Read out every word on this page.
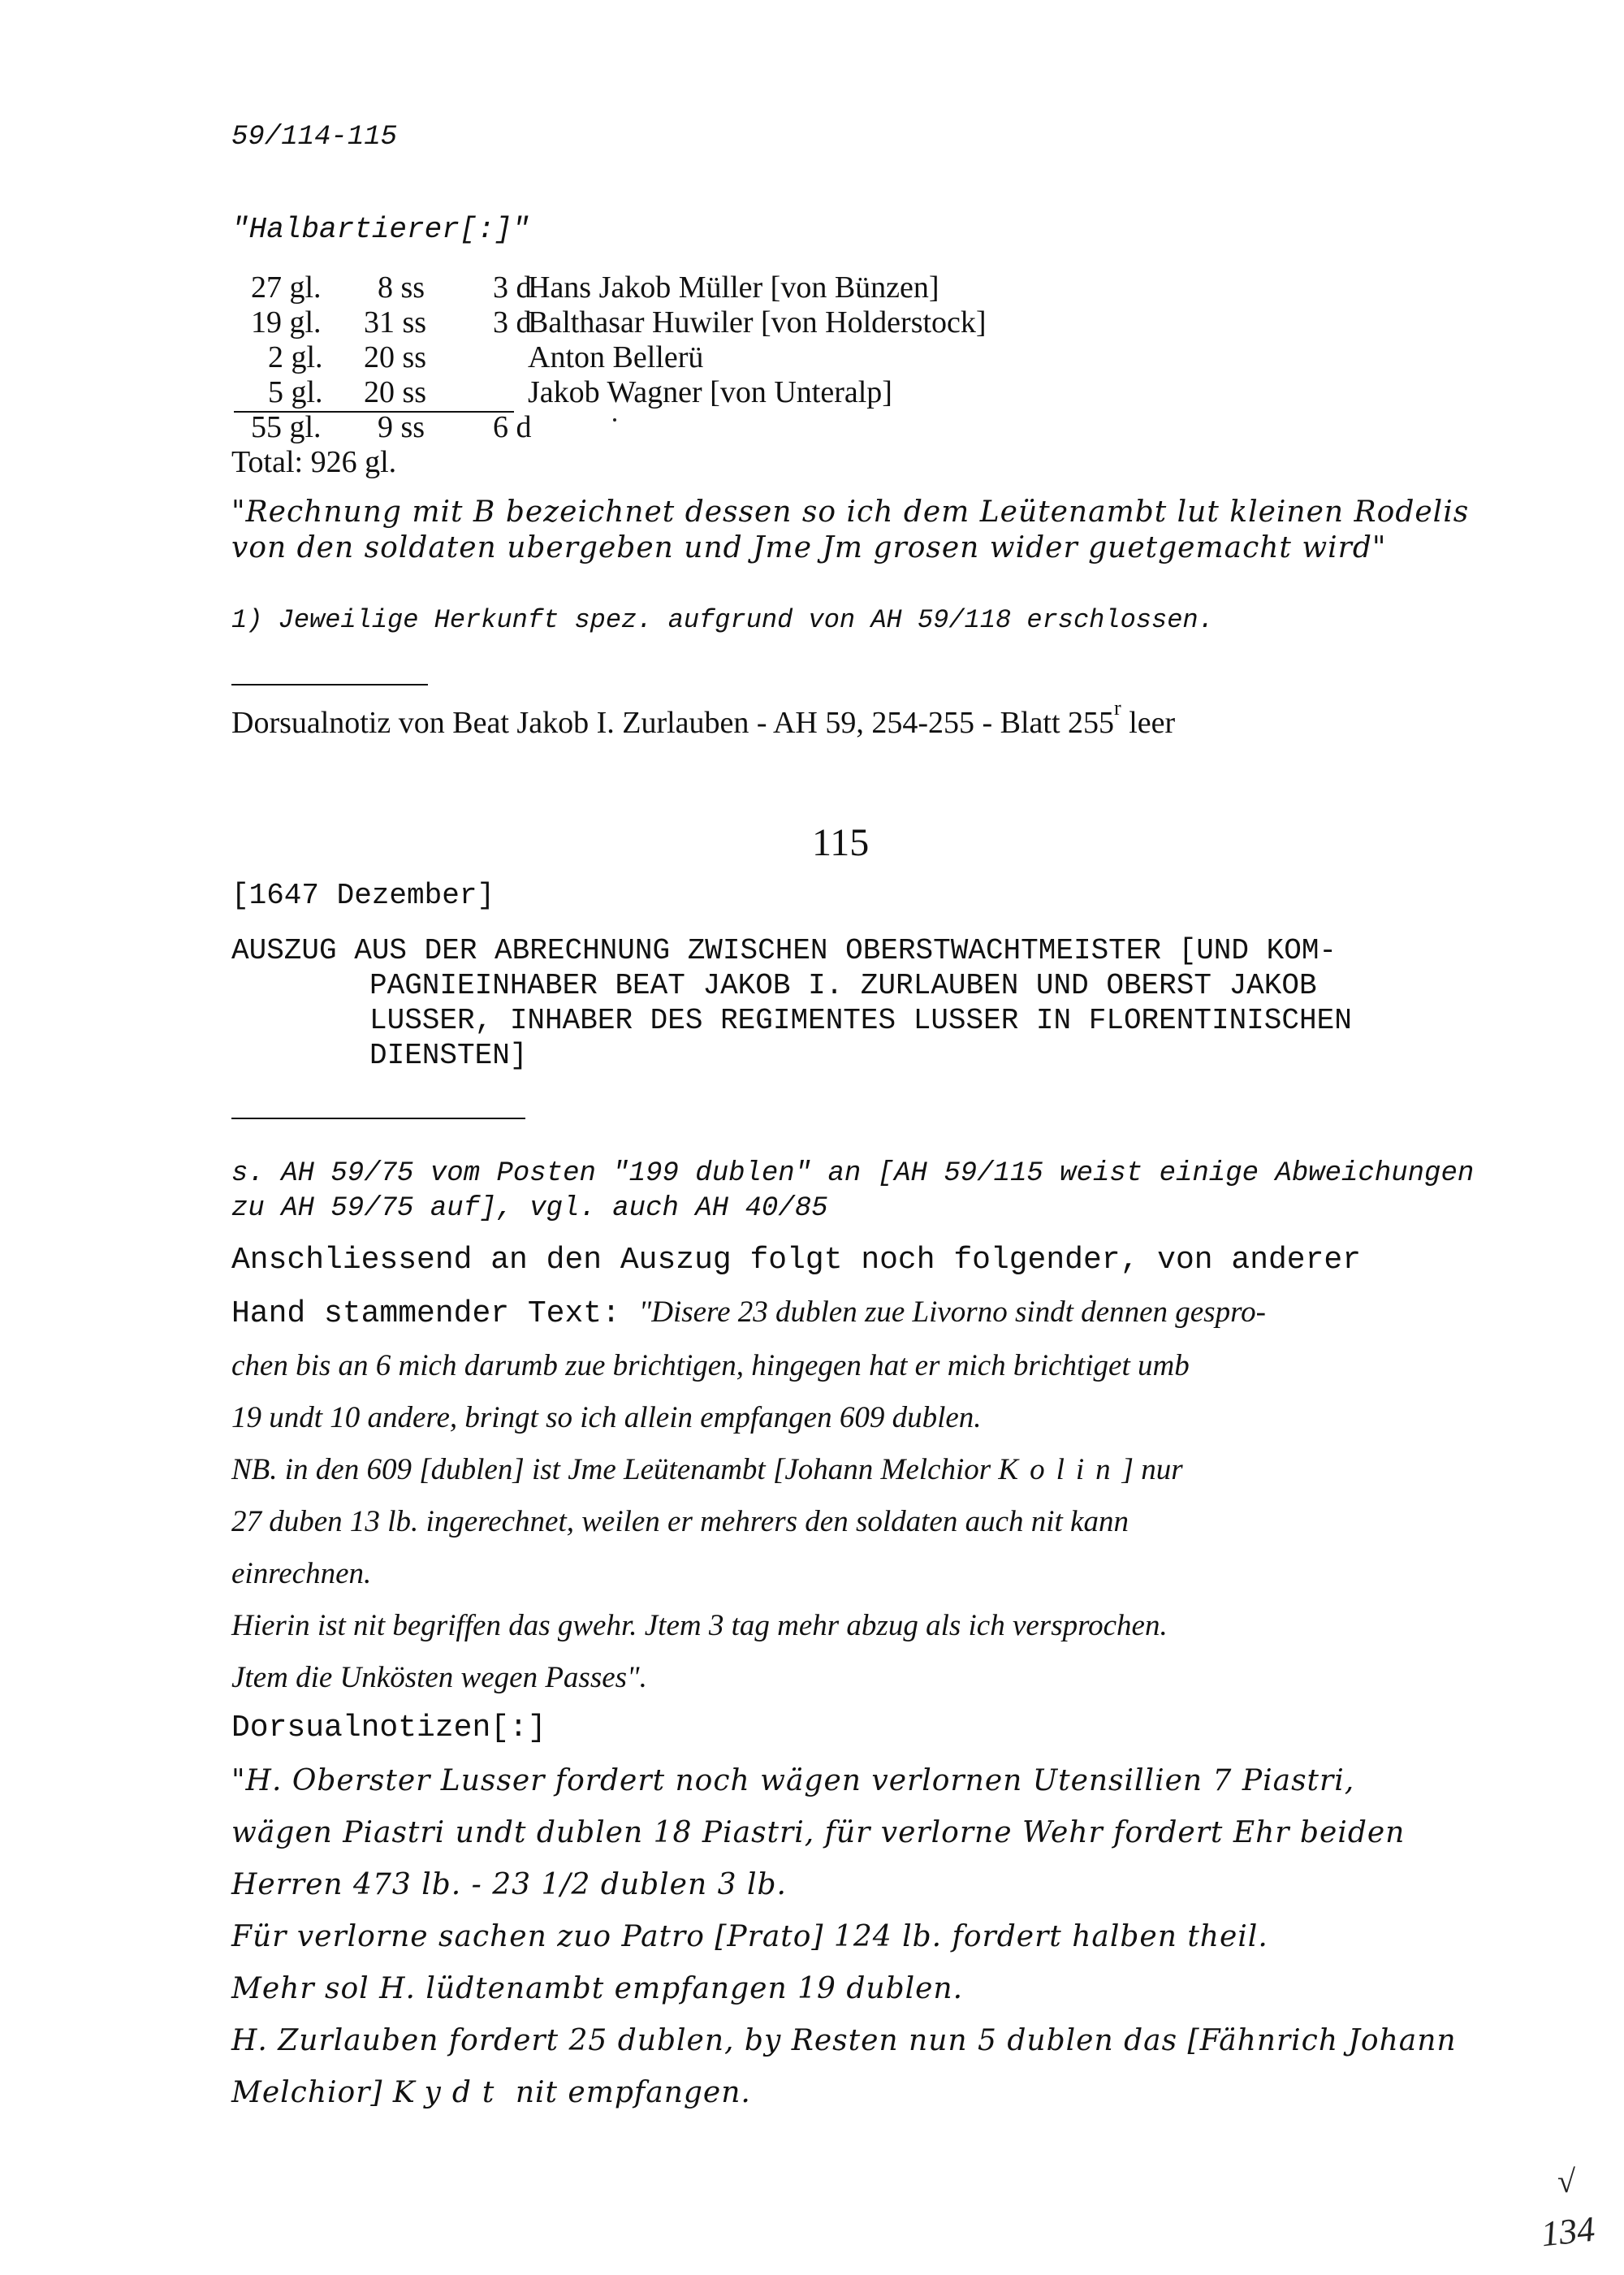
59/114-115
"Halbartierer[:]"
27 gl. 8 ss 3 d
Hans Jakob Müller [von Bünzen]
19 gl. 31 ss 3 d
Balthasar Huwiler [von Holderstock]
2 gl. 20 ss	Anton Bellerü
5 gl. 20 ss	Jakob Wagner [von Unteralp]
55 gl. 9 ss 6 d
Total: 926 gl.
"Rechnung mit B bezeichnet dessen so ich dem Leütenambt lut kleinen Rodelis
von den soldaten ubergeben und Jme Jm grosen wider guetgemacht wird"
1) Jeweilige Herkunft spez. aufgrund von AH 59/118 erschlossen.
Dorsualnotiz von Beat Jakob I. Zurlauben - AH 59, 254-255 - Blatt 255$^r$ leer
115
[1647 Dezember]
AUSZUG AUS DER ABRECHNUNG ZWISCHEN OBERSTWACHTMEISTER [UND KOM-
PAGNIEINHABER BEAT JAKOB I. ZURLAUBEN UND OBERST JAKOB
LUSSER, INHABER DES REGIMENTES LUSSER IN FLORENTINISCHEN
DIENSTEN]
s. AH 59/75 vom Posten "199 dublen" an [AH 59/115 weist einige Abweichungen
zu AH 59/75 auf], vgl. auch AH 40/85
Anschliessend an den Auszug folgt noch folgender, von anderer
Hand stammender Text: "Disere 23 dublen zue Livorno sindt dennen gespro-
chen bis an 6 mich darumb zue brichtigen, hingegen hat er mich brichtiget umb
19 undt 10 andere, bringt so ich allein empfangen 609 dublen.
NB. in den 609 [dublen] ist Jme Leütenambt [Johann Melchior Kolin] nur
27 duben 13 lb. ingerechnet, weilen er mehrers den soldaten auch nit kann
einrechnen.
Hierin ist nit begriffen das gwehr. Jtem 3 tag mehr abzug als ich versprochen.
Jtem die Unkösten wegen Passes".
Dorsualnotizen[:]
"H. Oberster Lusser fordert noch wägen verlornen Utensillien 7 Piastri,
wägen Piastri undt dublen 18 Piastri, für verlorne Wehr fordert Ehr beiden
Herren 473 lb. - 23 1/2 dublen 3 lb.
Für verlorne sachen zuo Patro [Prato] 124 lb. fordert halben theil.
Mehr sol H. lüdtenambt empfangen 19 dublen.
H. Zurlauben fordert 25 dublen, by Resten nun 5 dublen das [Fähnrich Johann
Melchior] Kydt nit empfangen.
√
134
